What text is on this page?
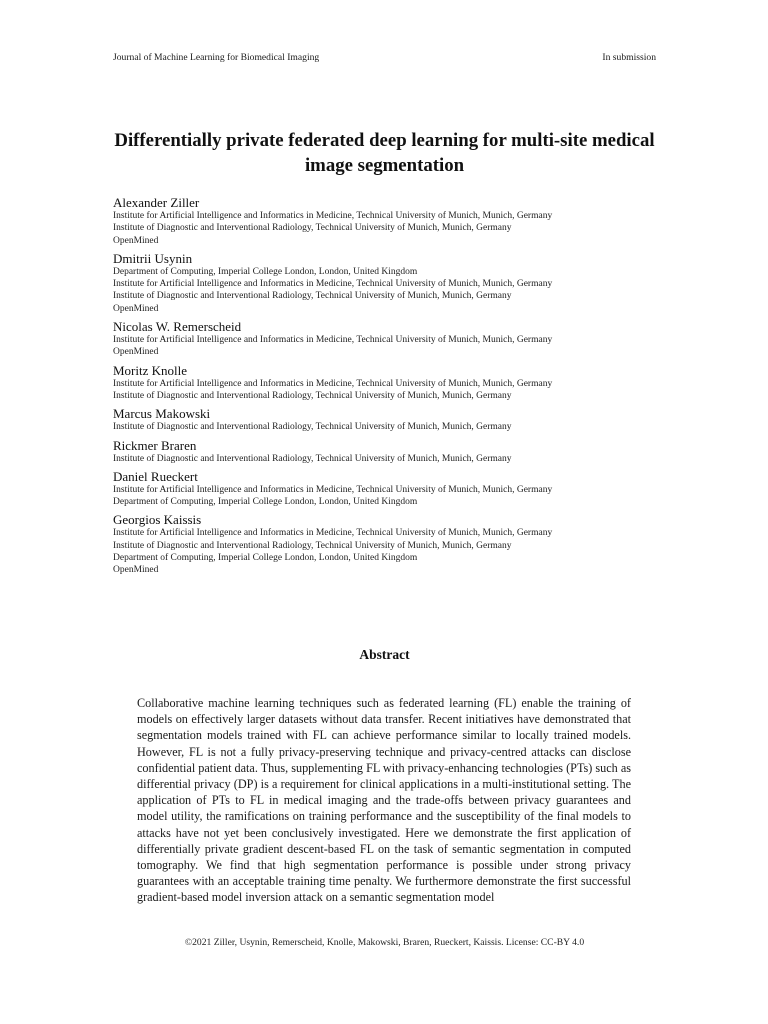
Journal of Machine Learning for Biomedical Imaging	In submission
Differentially private federated deep learning for multi-site medical image segmentation
Alexander Ziller
Institute for Artificial Intelligence and Informatics in Medicine, Technical University of Munich, Munich, Germany
Institute of Diagnostic and Interventional Radiology, Technical University of Munich, Munich, Germany
OpenMined
Dmitrii Usynin
Department of Computing, Imperial College London, London, United Kingdom
Institute for Artificial Intelligence and Informatics in Medicine, Technical University of Munich, Munich, Germany
Institute of Diagnostic and Interventional Radiology, Technical University of Munich, Munich, Germany
OpenMined
Nicolas W. Remerscheid
Institute for Artificial Intelligence and Informatics in Medicine, Technical University of Munich, Munich, Germany
OpenMined
Moritz Knolle
Institute for Artificial Intelligence and Informatics in Medicine, Technical University of Munich, Munich, Germany
Institute of Diagnostic and Interventional Radiology, Technical University of Munich, Munich, Germany
Marcus Makowski
Institute of Diagnostic and Interventional Radiology, Technical University of Munich, Munich, Germany
Rickmer Braren
Institute of Diagnostic and Interventional Radiology, Technical University of Munich, Munich, Germany
Daniel Rueckert
Institute for Artificial Intelligence and Informatics in Medicine, Technical University of Munich, Munich, Germany
Department of Computing, Imperial College London, London, United Kingdom
Georgios Kaissis
Institute for Artificial Intelligence and Informatics in Medicine, Technical University of Munich, Munich, Germany
Institute of Diagnostic and Interventional Radiology, Technical University of Munich, Munich, Germany
Department of Computing, Imperial College London, London, United Kingdom
OpenMined
Abstract
Collaborative machine learning techniques such as federated learning (FL) enable the training of models on effectively larger datasets without data transfer. Recent initiatives have demonstrated that segmentation models trained with FL can achieve performance similar to locally trained models. However, FL is not a fully privacy-preserving technique and privacy-centred attacks can disclose confidential patient data. Thus, supplementing FL with privacy-enhancing technologies (PTs) such as differential privacy (DP) is a requirement for clinical applications in a multi-institutional setting. The application of PTs to FL in medical imaging and the trade-offs between privacy guarantees and model utility, the ramifications on training performance and the susceptibility of the final models to attacks have not yet been conclusively investigated. Here we demonstrate the first application of differentially private gradient descent-based FL on the task of semantic segmentation in computed tomography. We find that high segmentation performance is possible under strong privacy guarantees with an acceptable training time penalty. We furthermore demonstrate the first successful gradient-based model inversion attack on a semantic segmentation model
©2021 Ziller, Usynin, Remerscheid, Knolle, Makowski, Braren, Rueckert, Kaissis. License: CC-BY 4.0
